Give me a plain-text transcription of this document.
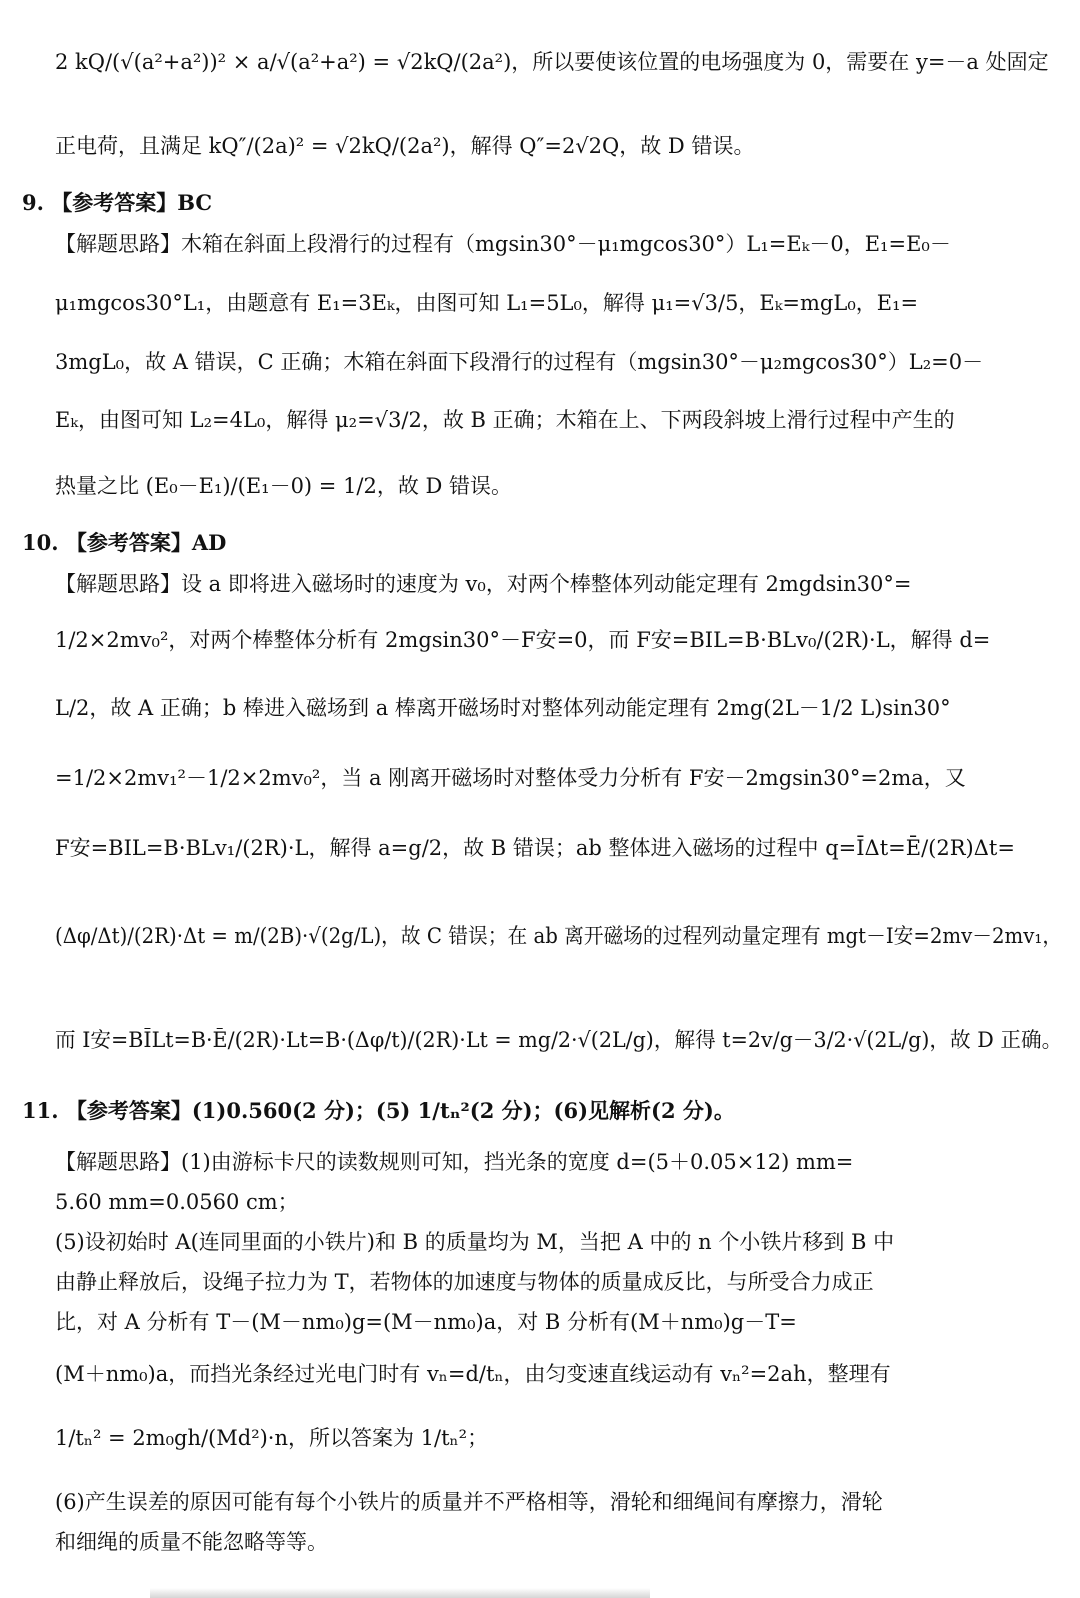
2 kQ/(√(a²+a²))² × a/√(a²+a²) = √2kQ/(2a²)，所以要使该位置的电场强度为 0，需要在 y=－a 处固定
正电荷，且满足 kQ″/(2a)² = √2kQ/(2a²)，解得 Q″=2√2Q，故 D 错误。
9. 【参考答案】BC
【解题思路】木箱在斜面上段滑行的过程有（mgsin30°－μ₁mgcos30°）L₁=Eₖ－0，E₁=E₀－
μ₁mgcos30°L₁，由题意有 E₁=3Eₖ，由图可知 L₁=5L₀，解得 μ₁=√3/5，Eₖ=mgL₀，E₁=
3mgL₀，故 A 错误，C 正确；木箱在斜面下段滑行的过程有（mgsin30°－μ₂mgcos30°）L₂=0－
Eₖ，由图可知 L₂=4L₀，解得 μ₂=√3/2，故 B 正确；木箱在上、下两段斜坡上滑行过程中产生的
热量之比 (E₀－E₁)/(E₁－0) = 1/2，故 D 错误。
10. 【参考答案】AD
【解题思路】设 a 即将进入磁场时的速度为 v₀，对两个棒整体列动能定理有 2mgdsin30°=
1/2×2mv₀²，对两个棒整体分析有 2mgsin30°－F安=0，而 F安=BIL=B·BLv₀/(2R)·L，解得 d=
L/2，故 A 正确；b 棒进入磁场到 a 棒离开磁场时对整体列动能定理有 2mg(2L－1/2 L)sin30°
=1/2×2mv₁²－1/2×2mv₀²，当 a 刚离开磁场时对整体受力分析有 F安－2mgsin30°=2ma，又
F安=BIL=B·BLv₁/(2R)·L，解得 a=g/2，故 B 错误；ab 整体进入磁场的过程中 q=ĪΔt=Ē/(2R)Δt=
(Δφ/Δt)/(2R)·Δt = m/(2B)·√(2g/L)，故 C 错误；在 ab 离开磁场的过程列动量定理有 mgt－I安=2mv－2mv₁，
而 I安=BĪLt=B·Ē/(2R)·Lt=B·(Δφ/t)/(2R)·Lt = mg/2·√(2L/g)，解得 t=2v/g－3/2·√(2L/g)，故 D 正确。
11. 【参考答案】(1)0.560(2 分)；(5) 1/tₙ²(2 分)；(6)见解析(2 分)。
【解题思路】(1)由游标卡尺的读数规则可知，挡光条的宽度 d=(5＋0.05×12) mm=
5.60 mm=0.0560 cm；
(5)设初始时 A(连同里面的小铁片)和 B 的质量均为 M，当把 A 中的 n 个小铁片移到 B 中
由静止释放后，设绳子拉力为 T，若物体的加速度与物体的质量成反比，与所受合力成正
比，对 A 分析有 T－(M－nm₀)g=(M－nm₀)a，对 B 分析有(M＋nm₀)g－T=
(M＋nm₀)a，而挡光条经过光电门时有 vₙ=d/tₙ，由匀变速直线运动有 vₙ²=2ah，整理有
1/tₙ² = 2m₀gh/(Md²)·n，所以答案为 1/tₙ²；
(6)产生误差的原因可能有每个小铁片的质量并不严格相等，滑轮和细绳间有摩擦力，滑轮
和细绳的质量不能忽略等等。
